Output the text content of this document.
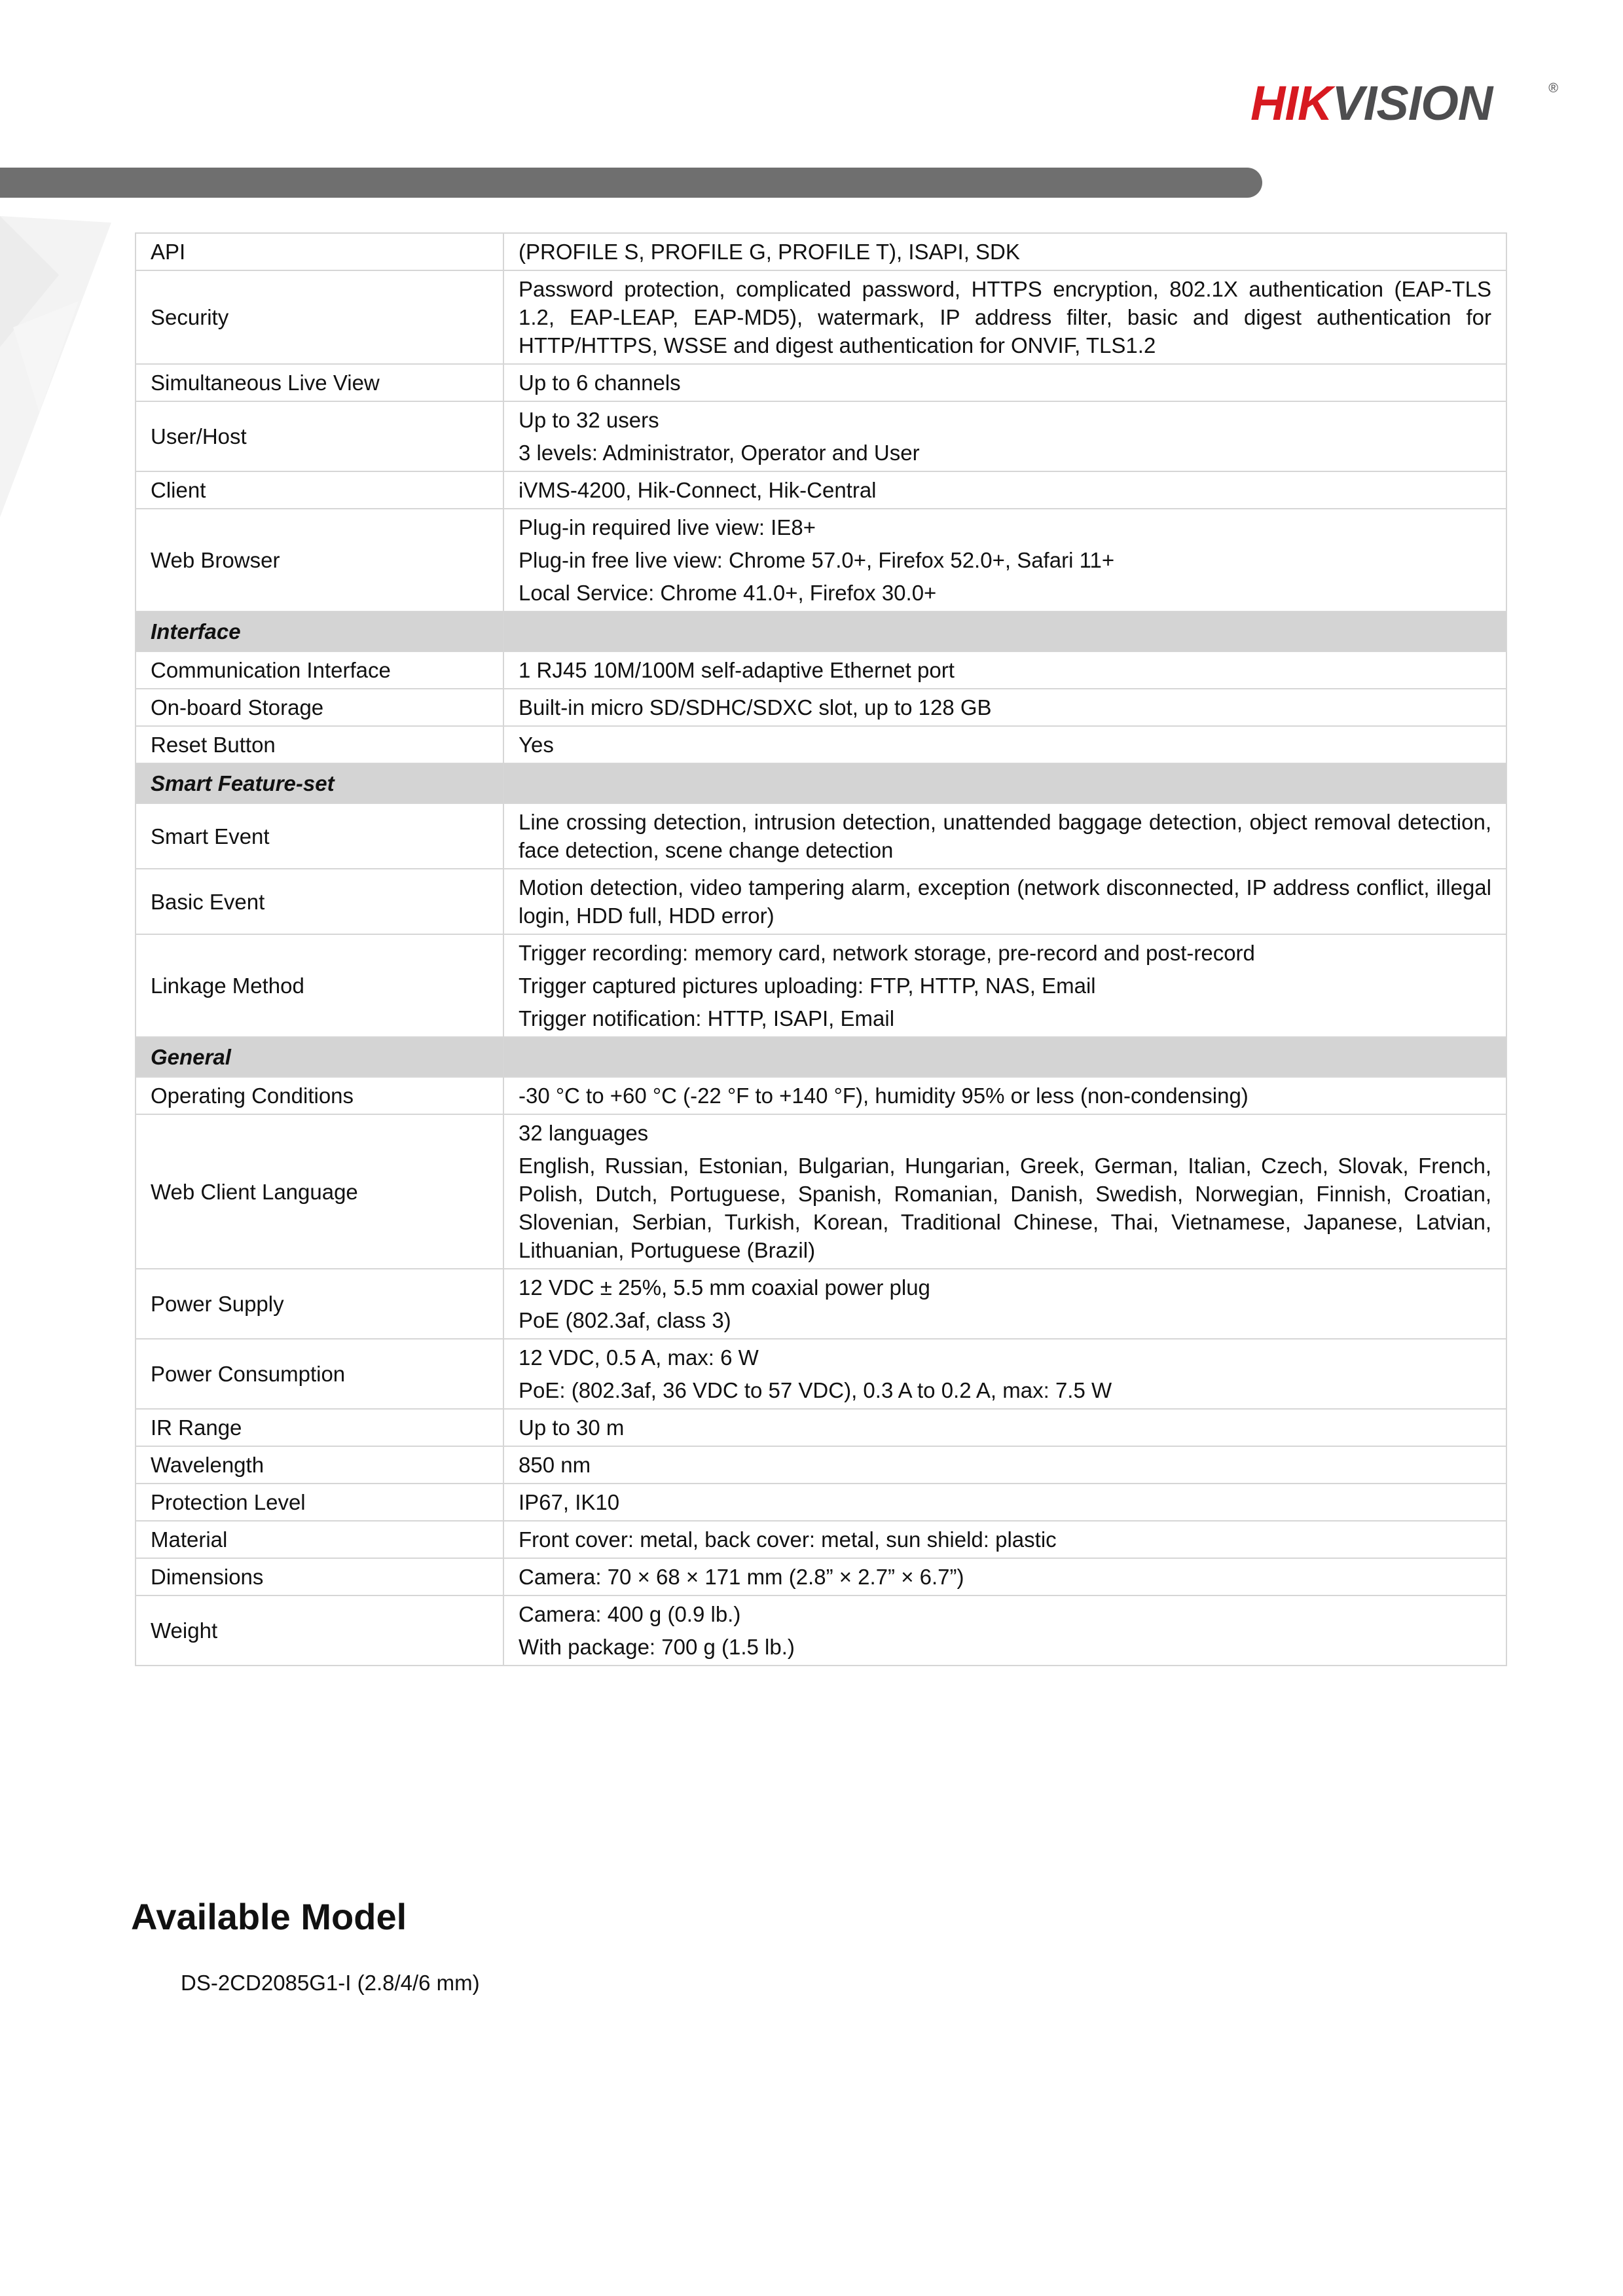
HIKVISION	®
API	(PROFILE S, PROFILE G, PROFILE T), ISAPI, SDK

Security	Password protection, complicated password, HTTPS encryption, 802.1X authentication (EAP-TLS 1.2, EAP-LEAP, EAP-MD5), watermark, IP address filter, basic and digest authentication for HTTP/HTTPS, WSSE and digest authentication for ONVIF, TLS1.2

Simultaneous Live View	Up to 6 channels

User/Host	Up to 32 users
3 levels: Administrator, Operator and User

Client	iVMS-4200, Hik-Connect, Hik-Central

Web Browser	Plug-in required live view: IE8+
Plug-in free live view: Chrome 57.0+, Firefox 52.0+, Safari 11+
Local Service: Chrome 41.0+, Firefox 30.0+

Interface	
Communication Interface	1 RJ45 10M/100M self-adaptive Ethernet port

On-board Storage	Built-in micro SD/SDHC/SDXC slot, up to 128 GB

Reset Button	Yes

Smart Feature-set	
Smart Event	Line crossing detection, intrusion detection, unattended baggage detection, object removal detection, face detection, scene change detection

Basic Event	Motion detection, video tampering alarm, exception (network disconnected, IP address conflict, illegal login, HDD full, HDD error)

Linkage Method	Trigger recording: memory card, network storage, pre-record and post-record
Trigger captured pictures uploading: FTP, HTTP, NAS, Email
Trigger notification: HTTP, ISAPI, Email

General	
Operating Conditions	-30 °C to +60 °C (-22 °F to +140 °F), humidity 95% or less (non-condensing)

Web Client Language	32 languages
English, Russian, Estonian, Bulgarian, Hungarian, Greek, German, Italian, Czech, Slovak, French, Polish, Dutch, Portuguese, Spanish, Romanian, Danish, Swedish, Norwegian, Finnish, Croatian, Slovenian, Serbian, Turkish, Korean, Traditional Chinese, Thai, Vietnamese, Japanese, Latvian, Lithuanian, Portuguese (Brazil)

Power Supply	12 VDC ± 25%, 5.5 mm coaxial power plug
PoE (802.3af, class 3)

Power Consumption	12 VDC, 0.5 A, max: 6 W
PoE: (802.3af, 36 VDC to 57 VDC), 0.3 A to 0.2 A, max: 7.5 W

IR Range	Up to 30 m

Wavelength	850 nm

Protection Level	IP67, IK10

Material	Front cover: metal, back cover: metal, sun shield: plastic

Dimensions	Camera: 70 × 68 × 171 mm (2.8” × 2.7” × 6.7”)

Weight	Camera: 400 g (0.9 lb.)
With package: 700 g (1.5 lb.)
Available Model
DS-2CD2085G1-I (2.8/4/6 mm)
